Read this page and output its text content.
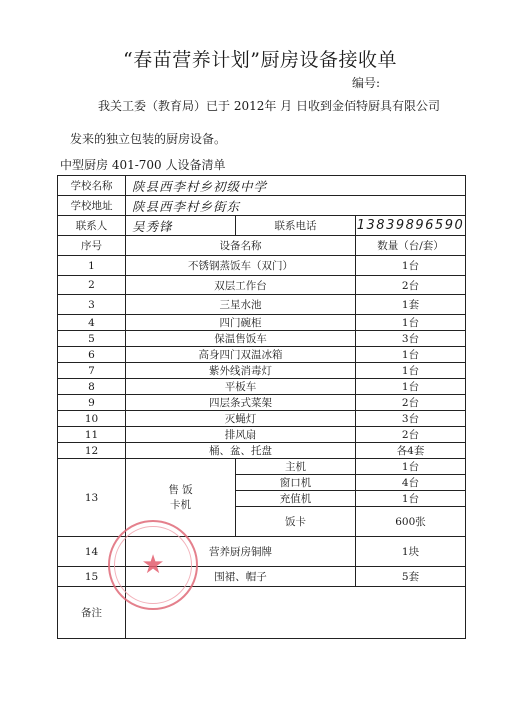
“春苗营养计划”厨房设备接收单
编号:
我关工委（教育局）已于 2012年 月 日收到金佰特厨具有限公司
发来的独立包装的厨房设备。
中型厨房 401-700 人设备清单
学校名称	陕县西李村乡初级中学		
学校地址	陕县西李村乡街东		
联系人	吴秀锋	联系电话	13839896590
序号	设备名称		数量（台/套）
1	不锈钢蒸饭车（双门）		1台
2	双层工作台		2台
3	三星水池		1套
4	四门碗柜		1台
5	保温售饭车		3台
6	高身四门双温冰箱		1台
7	紫外线消毒灯		1台
8	平板车		1台
9	四层条式菜架		2台
10	灭蝇灯		3台
11	排风扇		2台
12	桶、盆、托盘		各4套
13	售 饭
卡机	主机	1台
		窗口机	4台
		充值机	1台
		饭卡	600张
14	营养厨房铜牌		1块
15	围裙、帽子		5套
备注			
★
